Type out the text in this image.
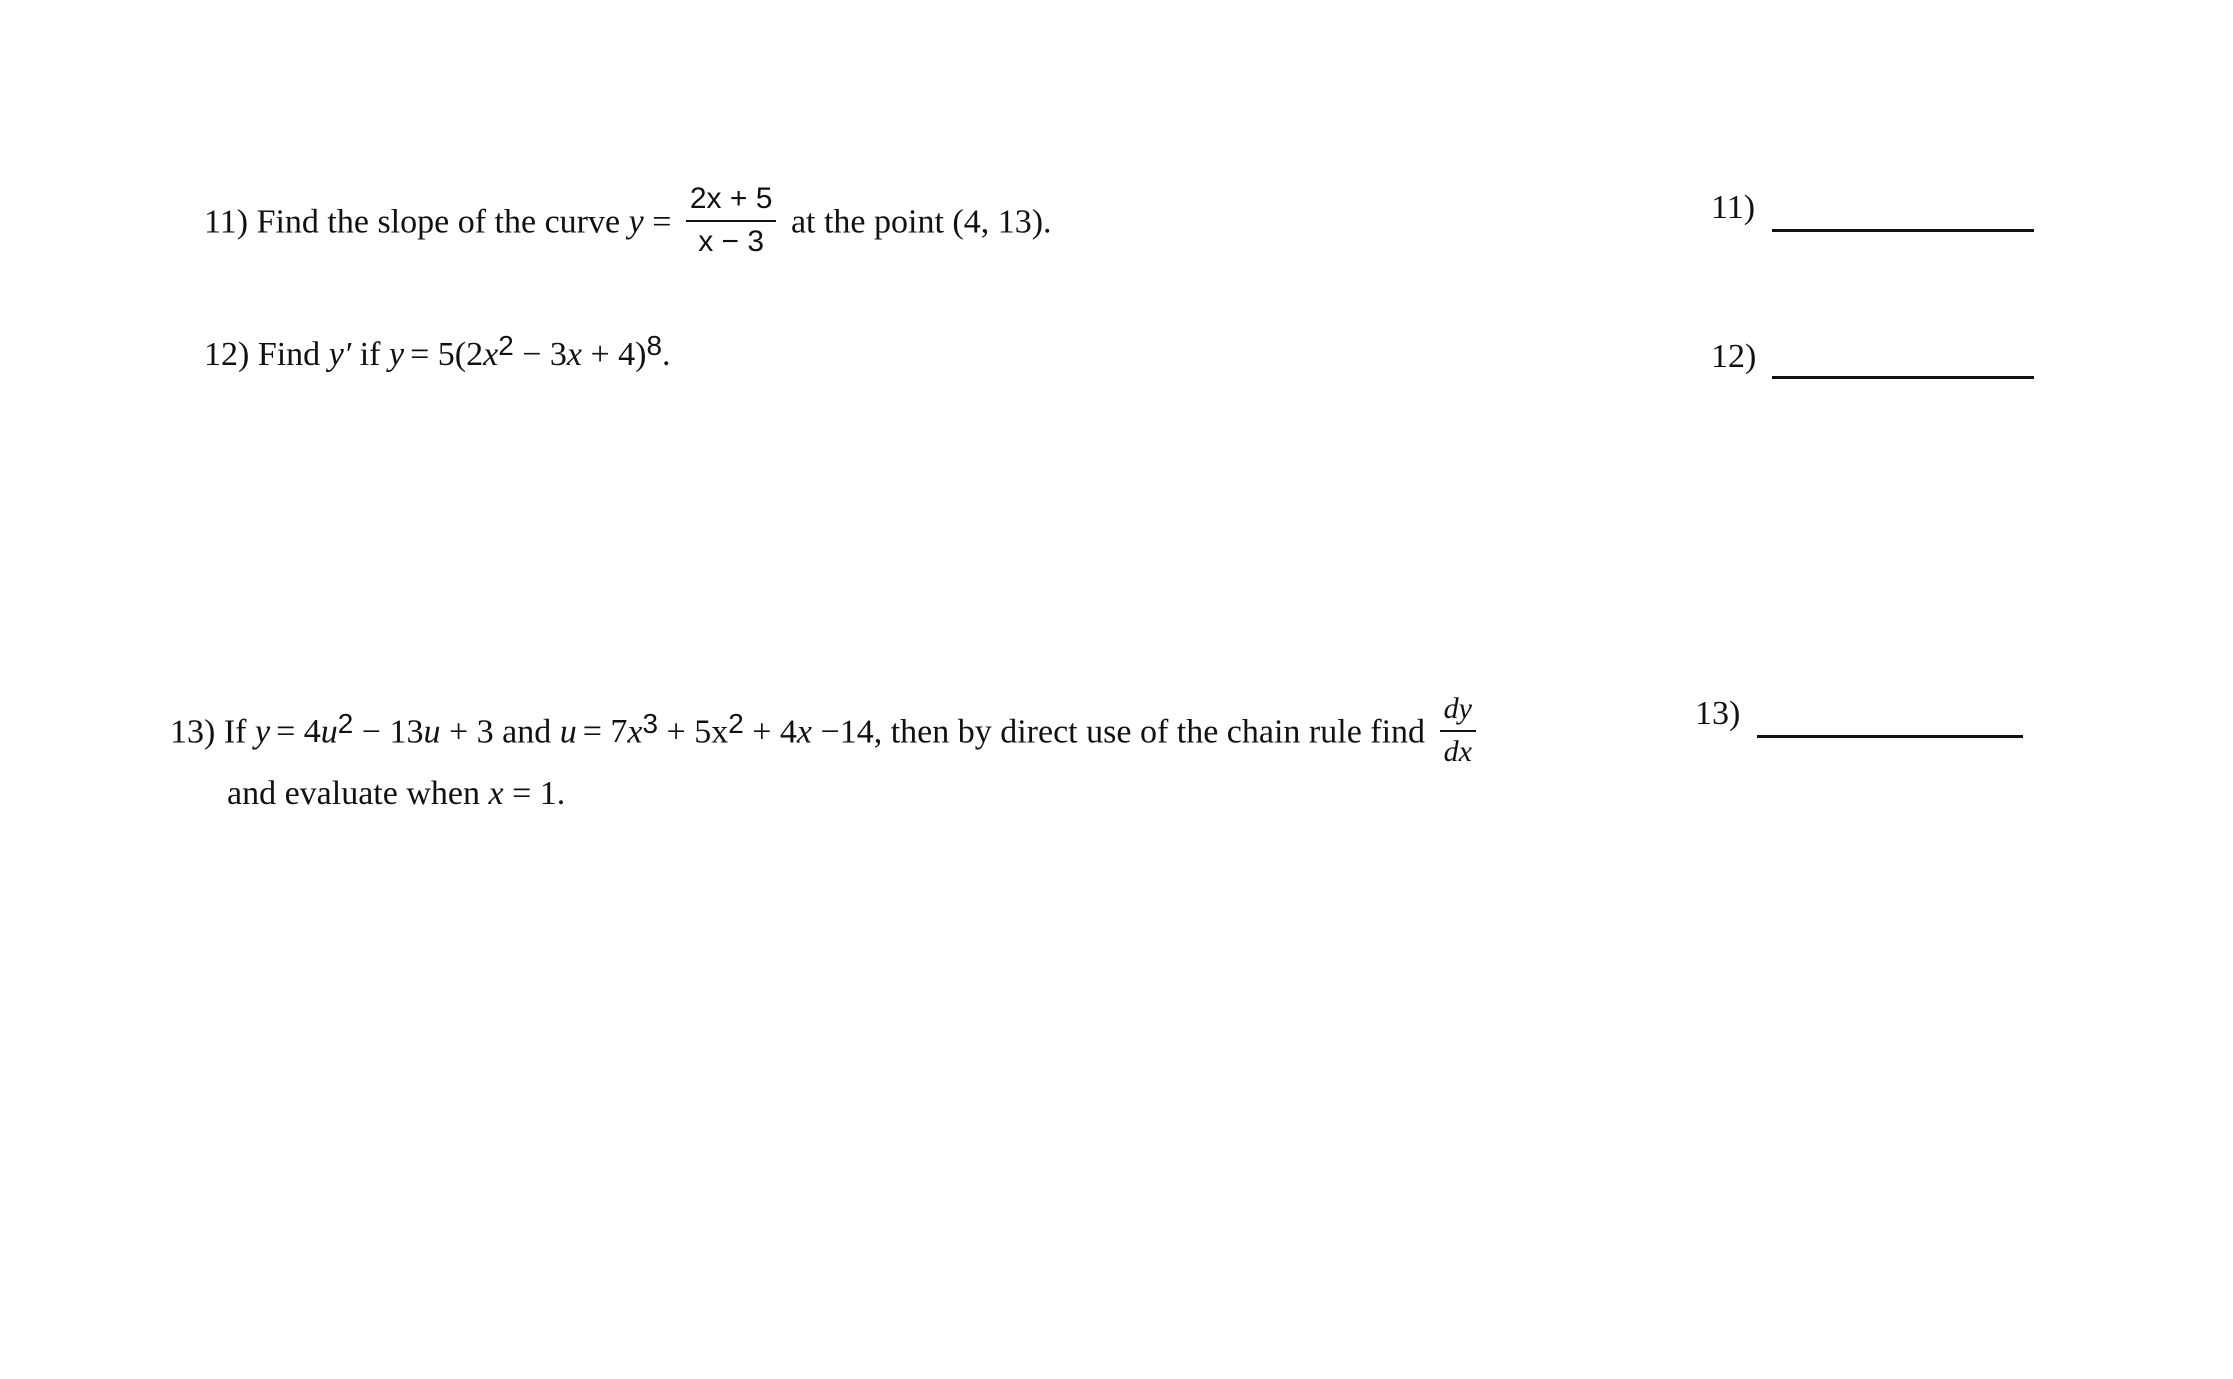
11) Find the slope of the curve $y = \frac{2x + 5}{x - 3}$ at the point (4, 13).	11)
12) Find y′ if $y = 5(2x^2 - 3x + 4)^8$.	12)
13) If $y = 4u^2 - 13u + 3$ and $u = 7x^3 + 5x^2 + 4x -14$, then by direct use of the chain rule find $\frac{dy}{dx}$
and evaluate when x = 1.
13)
